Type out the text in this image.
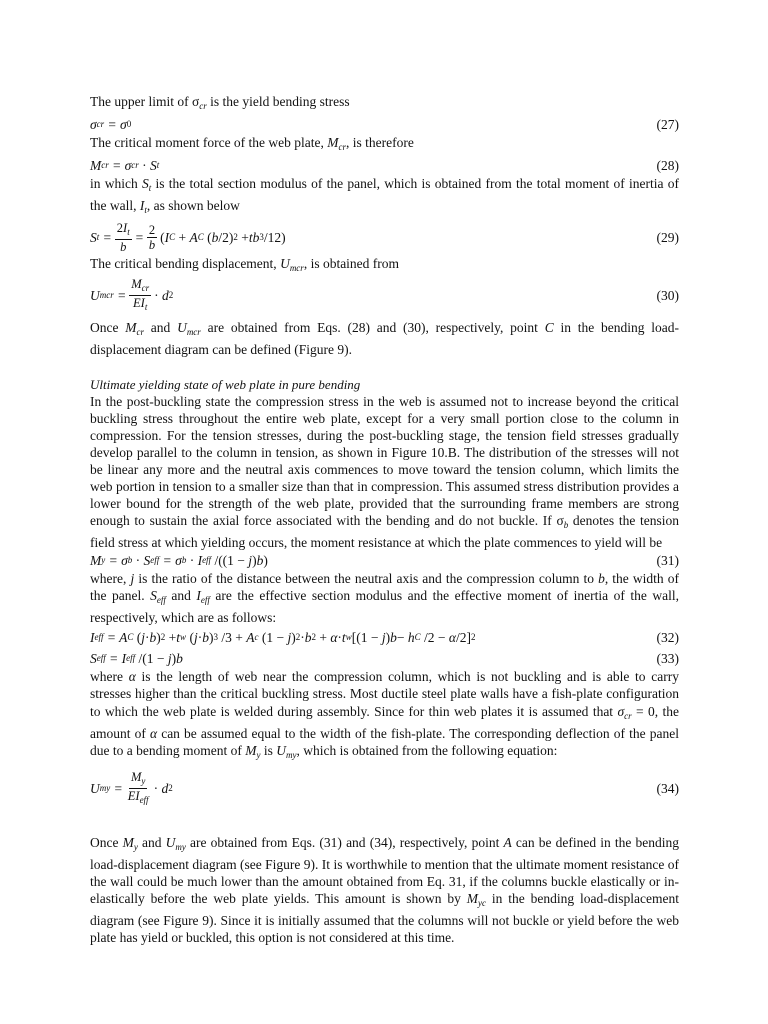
The upper limit of $\sigma_{cr}$ is the yield bending stress

σ cr = σ 0	(27)

The critical moment force of the web plate, $M_{cr}$, is therefore

M cr = σ cr
· S t	(28)

in which $S_t$ is the total section modulus of the panel, which is obtained from the total moment of inertia of the wall, $I_t$, as shown below

S $t = \frac{2I_t}{b} = \frac{2}{b}$ ( I C
+ A C ( b /2) 2
+ tb 3 /12)	(29)

The critical bending displacement, $U_{mcr}$, is obtained from

U mcr = $\frac{M_{cr}}{EI_t} \cdot d$ 2	(30)

Once $M_{cr}$ and $U_{mcr}$ are obtained from Eqs. (28) and (30), respectively, point C in the bending load-displacement diagram can be defined (Figure 9).

Ultimate yielding state of web plate in pure bending

In the post-buckling state the compression stress in the web is assumed not to increase beyond the critical buckling stress throughout the entire web plate, except for a very small portion close to the column in compression. For the tension stresses, during the post-buckling stage, the tension field stresses gradually develop parallel to the column in tension, as shown in Figure 10.B. The distribution of the stresses will not be linear any more and the neutral axis commences to move toward the tension column, which limits the web portion in tension to a smaller size than that in compression. This assumed stress distribution provides a lower bound for the strength of the web plate, provided that the surrounding frame members are strong enough to sustain the axial force associated with the bending and do not buckle. If $\sigma_b$ denotes the tension field stress at which yielding occurs, the moment resistance at which the plate commences to yield will be

M y = σ b
· S eff = σ b
· I eff
/((1 − j ) b )	(31)

where, j is the ratio of the distance between the neutral axis and the compression column to b, the width of the panel. $S_{eff}$ and $I_{eff}$ are the effective section modulus and the effective moment of inertia of the wall, respectively, which are as follows:

I eff = A C ( j · b ) 2
+ t w ( j · b ) 3 /3 + A c (1 − j ) 2 · b 2
+ α · t w [(1 − j ) b − h C
/2 − α /2] 2	(32)
S eff = I eff
/(1 − j ) b	(33)

where α is the length of web near the compression column, which is not buckling and is able to carry stresses higher than the critical buckling stress. Most ductile steel plate walls have a fish-plate configuration to which the web plate is welded during assembly. Since for thin web plates it is assumed that $\sigma_{cr} = 0$, the amount of α can be assumed equal to the width of the fish-plate. The corresponding deflection of the panel due to a bending moment of $M_y$ is $U_{my}$, which is obtained from the following equation:

U my = $\frac{M_y}{EI_{eff}} \cdot d$ 2	(34)

Once $M_y$ and $U_{my}$ are obtained from Eqs. (31) and (34), respectively, point A can be defined in the bending load-displacement diagram (see Figure 9). It is worthwhile to mention that the ultimate moment resistance of the wall could be much lower than the amount obtained from Eq. 31, if the columns buckle elastically or in-elastically before the web plate yields. This amount is shown by $M_{yc}$ in the bending load-displacement diagram (see Figure 9). Since it is initially assumed that the columns will not buckle or yield before the web plate has yield or buckled, this option is not considered at this time.
